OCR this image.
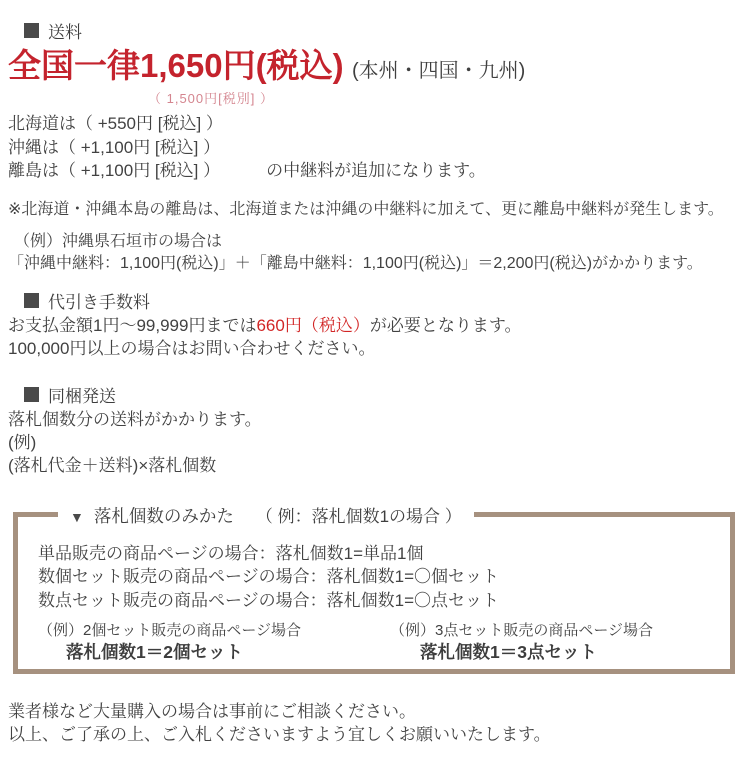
送料
全国一律1,650円(税込) (本州・四国・九州)
（ 1,500円[税別] ）
北海道は（ +550円 [税込] ）
沖縄は（ +1,100円 [税込] ）
離島は（ +1,100円 [税込] ）	の中継料が追加になります。
※北海道・沖縄本島の離島は、北海道または沖縄の中継料に加えて、更に離島中継料が発生します。
（例）沖縄県石垣市の場合は
「沖縄中継料：1,100円(税込)」＋「離島中継料：1,100円(税込)」＝2,200円(税込)がかかります。
代引き手数料
お支払金額1円～99,999円までは660円（税込）が必要となります。
100,000円以上の場合はお問い合わせください。
同梱発送
落札個数分の送料がかかります。
(例)
(落札代金＋送料)×落札個数
▼ 落札個数のみかた （ 例：落札個数1の場合 ）
単品販売の商品ページの場合：落札個数1=単品1個
数個セット販売の商品ページの場合：落札個数1=〇個セット
数点セット販売の商品ページの場合：落札個数1=〇点セット
（例）2個セット販売の商品ページ場合
落札個数1＝2個セット
（例）3点セット販売の商品ページ場合
落札個数1＝3点セット
業者様など大量購入の場合は事前にご相談ください。
以上、ご了承の上、ご入札くださいますよう宜しくお願いいたします。
